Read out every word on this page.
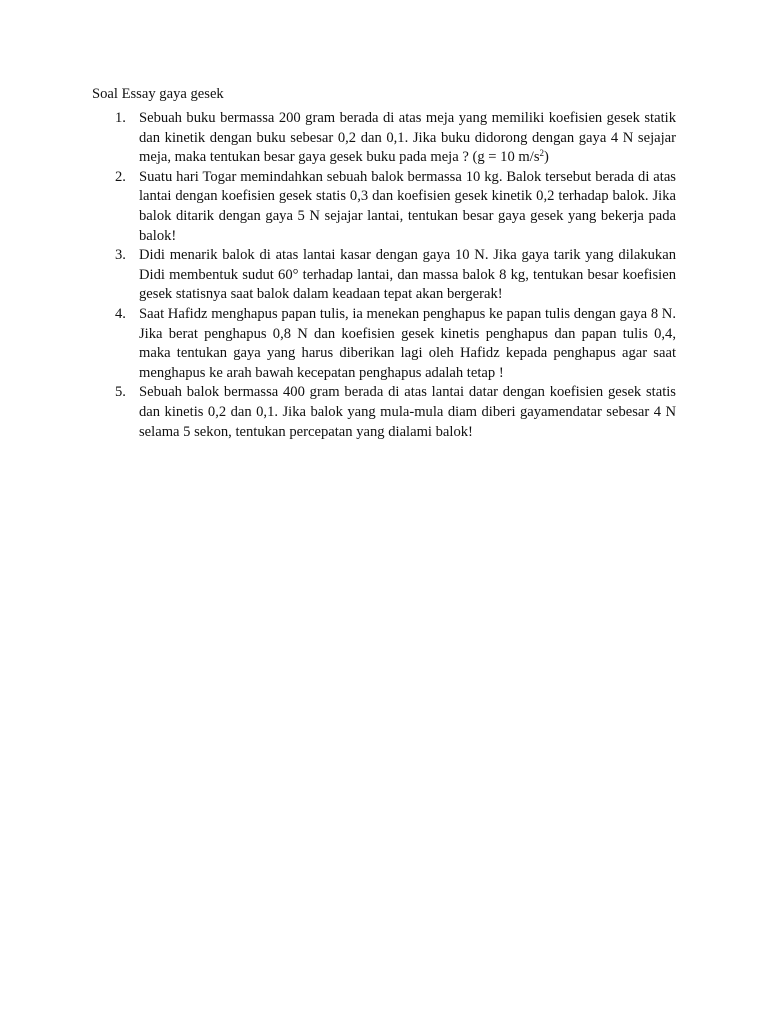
Soal Essay gaya gesek
1. Sebuah buku bermassa 200 gram berada di atas meja yang memiliki koefisien gesek statik dan kinetik dengan buku sebesar 0,2 dan 0,1. Jika buku didorong dengan gaya 4 N sejajar meja, maka tentukan besar gaya gesek buku pada meja ? (g = 10 $m/s^2$)
2. Suatu hari Togar memindahkan sebuah balok bermassa 10 kg. Balok tersebut berada di atas lantai dengan koefisien gesek statis 0,3 dan koefisien gesek kinetik 0,2 terhadap balok. Jika balok ditarik dengan gaya 5 N sejajar lantai, tentukan besar gaya gesek yang bekerja pada balok!
3. Didi menarik balok di atas lantai kasar dengan gaya 10 N. Jika gaya tarik yang dilakukan Didi membentuk sudut 60° terhadap lantai, dan massa balok 8 kg, tentukan besar koefisien gesek statisnya saat balok dalam keadaan tepat akan bergerak!
4. Saat Hafidz menghapus papan tulis, ia menekan penghapus ke papan tulis dengan gaya 8 N. Jika berat penghapus 0,8 N dan koefisien gesek kinetis penghapus dan papan tulis 0,4, maka tentukan gaya yang harus diberikan lagi oleh Hafidz kepada penghapus agar saat menghapus ke arah bawah kecepatan penghapus adalah tetap !
5. Sebuah balok bermassa 400 gram berada di atas lantai datar dengan koefisien gesek statis dan kinetis 0,2 dan 0,1. Jika balok yang mula-mula diam diberi gayamendatar sebesar 4 N selama 5 sekon, tentukan percepatan yang dialami balok!
